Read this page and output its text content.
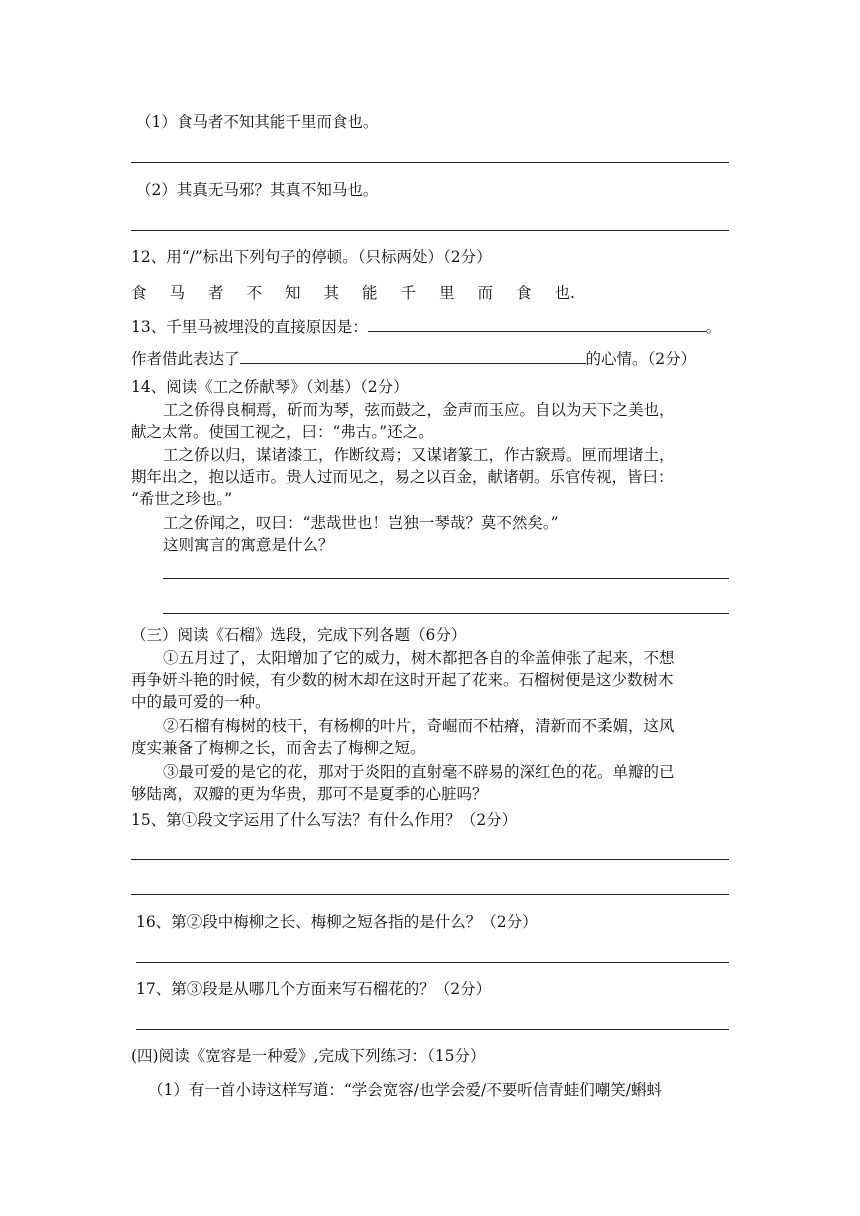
（1）食马者不知其能千里而食也。
（2）其真无马邪？其真不知马也。
12、用“/”标出下列句子的停顿。（只标两处）（2分）
食 马 者 不 知 其 能 千 里 而 食 也.
13、千里马被埋没的直接原因是：	。
作者借此表达了	的心情。（2分）
14、阅读《工之侨献琴》（刘基）（2分）
工之侨得良桐焉，斫而为琴，弦而鼓之，金声而玉应。自以为天下之美也，
献之太常。使国工视之，曰：“弗古。”还之。
工之侨以归，谋诸漆工，作断纹焉；又谋诸篆工，作古窾焉。匣而埋诸土，
期年出之，抱以适市。贵人过而见之，易之以百金，献诸朝。乐官传视，皆曰：
“希世之珍也。”
工之侨闻之，叹曰：“悲哉世也！岂独一琴哉？莫不然矣。”
这则寓言的寓意是什么？
（三）阅读《石榴》选段，完成下列各题（6分）
①五月过了，太阳增加了它的威力，树木都把各自的伞盖伸张了起来，不想
再争妍斗艳的时候，有少数的树木却在这时开起了花来。石榴树便是这少数树木
中的最可爱的一种。
②石榴有梅树的枝干，有杨柳的叶片，奇崛而不枯瘠，清新而不柔媚，这风
度实兼备了梅柳之长，而舍去了梅柳之短。
③最可爱的是它的花，那对于炎阳的直射毫不辟易的深红色的花。单瓣的已
够陆离，双瓣的更为华贵，那可不是夏季的心脏吗？
15、第①段文字运用了什么写法？有什么作用？（2分）
16、第②段中梅柳之长、梅柳之短各指的是什么？（2分）
17、第③段是从哪几个方面来写石榴花的？（2分）
(四)阅读《宽容是一种爱》,完成下列练习：（15分）
（1）有一首小诗这样写道：“学会宽容/也学会爱/不要听信青蛙们嘲笑/蝌蚪
